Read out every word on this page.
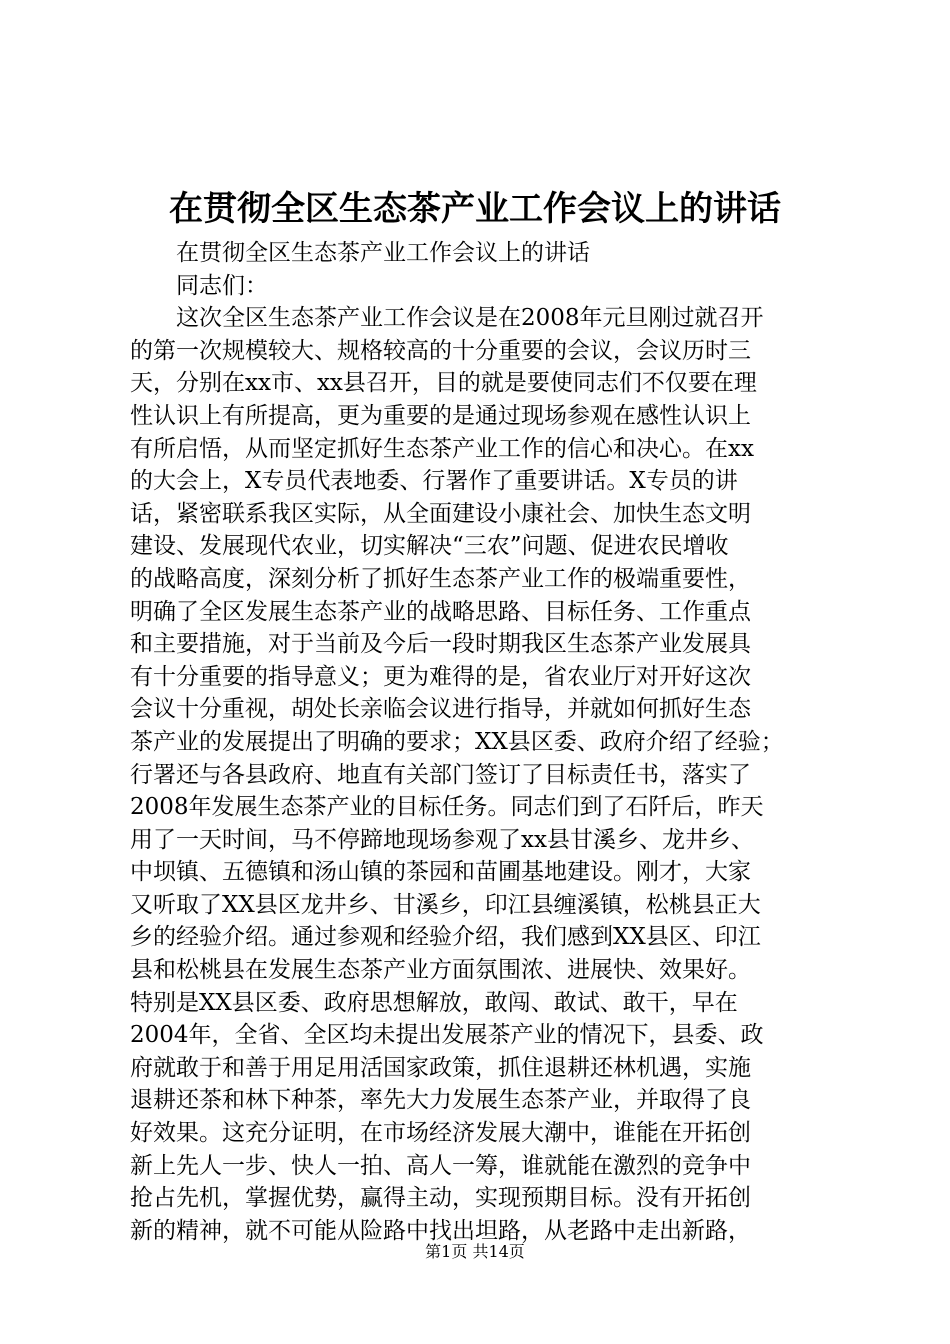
在贯彻全区生态茶产业工作会议上的讲话
在贯彻全区生态茶产业工作会议上的讲话
同志们：
这次全区生态茶产业工作会议是在2008年元旦刚过就召开
的第一次规模较大、规格较高的十分重要的会议，会议历时三
天，分别在xx市、xx县召开，目的就是要使同志们不仅要在理
性认识上有所提高，更为重要的是通过现场参观在感性认识上
有所启悟，从而坚定抓好生态茶产业工作的信心和决心。在xx
的大会上，X专员代表地委、行署作了重要讲话。X专员的讲
话，紧密联系我区实际，从全面建设小康社会、加快生态文明
建设、发展现代农业，切实解决“三农”问题、促进农民增收
的战略高度，深刻分析了抓好生态茶产业工作的极端重要性，
明确了全区发展生态茶产业的战略思路、目标任务、工作重点
和主要措施，对于当前及今后一段时期我区生态茶产业发展具
有十分重要的指导意义；更为难得的是，省农业厅对开好这次
会议十分重视，胡处长亲临会议进行指导，并就如何抓好生态
茶产业的发展提出了明确的要求；XX县区委、政府介绍了经验；
行署还与各县政府、地直有关部门签订了目标责任书，落实了
2008年发展生态茶产业的目标任务。同志们到了石阡后，昨天
用了一天时间，马不停蹄地现场参观了xx县甘溪乡、龙井乡、
中坝镇、五德镇和汤山镇的茶园和苗圃基地建设。刚才，大家
又听取了XX县区龙井乡、甘溪乡，印江县缠溪镇，松桃县正大
乡的经验介绍。通过参观和经验介绍，我们感到XX县区、印江
县和松桃县在发展生态茶产业方面氛围浓、进展快、效果好。
特别是XX县区委、政府思想解放，敢闯、敢试、敢干，早在
2004年，全省、全区均未提出发展茶产业的情况下，县委、政
府就敢于和善于用足用活国家政策，抓住退耕还林机遇，实施
退耕还茶和林下种茶，率先大力发展生态茶产业，并取得了良
好效果。这充分证明，在市场经济发展大潮中，谁能在开拓创
新上先人一步、快人一拍、高人一筹，谁就能在激烈的竞争中
抢占先机，掌握优势，赢得主动，实现预期目标。没有开拓创
新的精神，就不可能从险路中找出坦路，从老路中走出新路，
第1页 共14页
